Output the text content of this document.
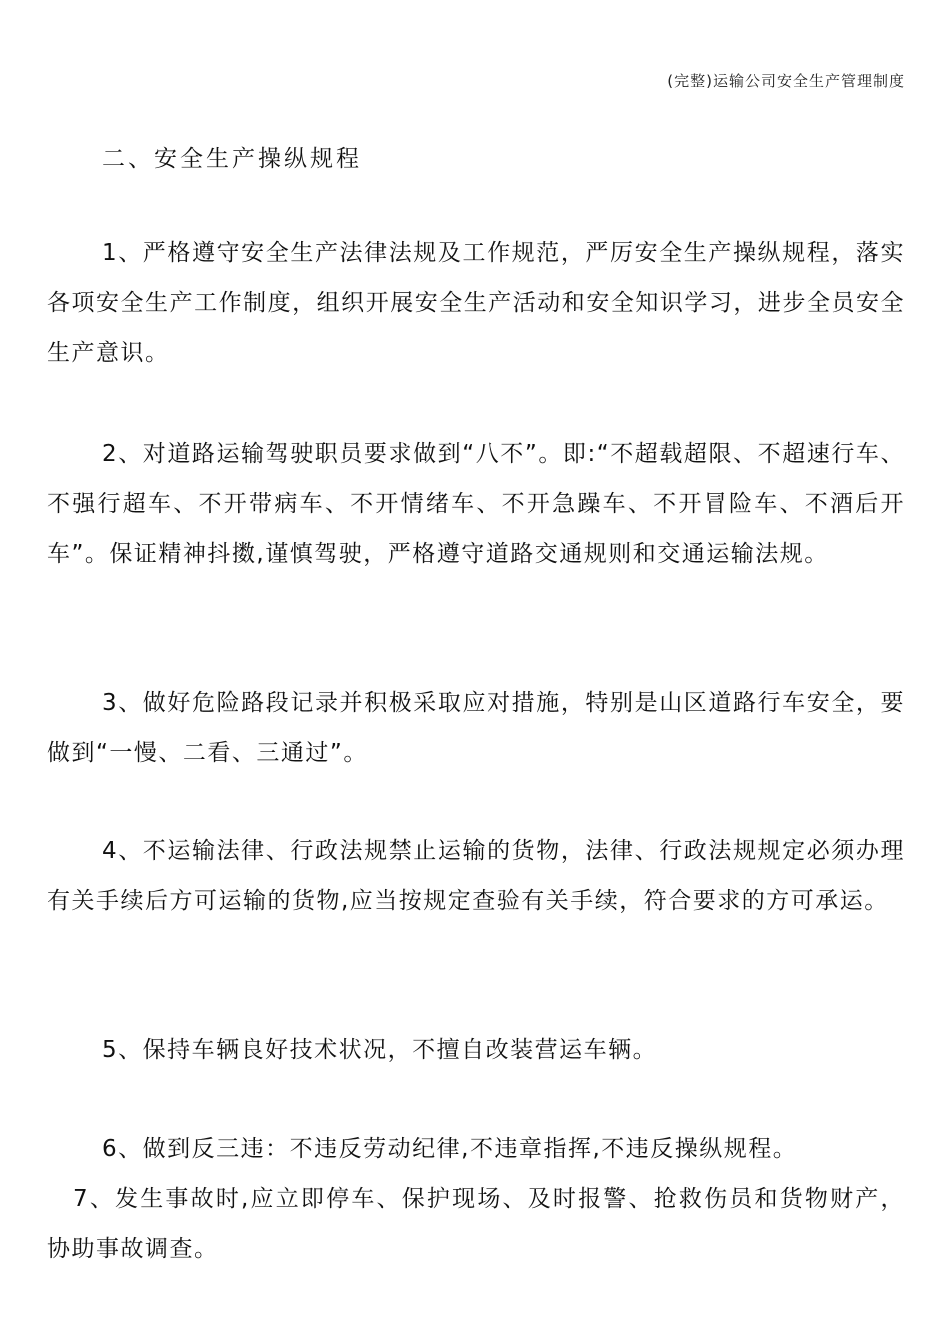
(完整)运输公司安全生产管理制度
二、安全生产操纵规程

1、严格遵守安全生产法律法规及工作规范，严厉安全生产操纵规程，落实各项安全生产工作制度，组织开展安全生产活动和安全知识学习，进步全员安全生产意识。

2、对道路运输驾驶职员要求做到“八不”。即:“不超载超限、不超速行车、不强行超车、不开带病车、不开情绪车、不开急躁车、不开冒险车、不酒后开车”。保证精神抖擞,谨慎驾驶，严格遵守道路交通规则和交通运输法规。

3、做好危险路段记录并积极采取应对措施，特别是山区道路行车安全，要做到“一慢、二看、三通过”。

4、不运输法律、行政法规禁止运输的货物，法律、行政法规规定必须办理有关手续后方可运输的货物,应当按规定查验有关手续，符合要求的方可承运。

5、保持车辆良好技术状况，不擅自改装营运车辆。

6、做到反三违：不违反劳动纪律,不违章指挥,不违反操纵规程。

7、发生事故时,应立即停车、保护现场、及时报警、抢救伤员和货物财产，协助事故调查。
